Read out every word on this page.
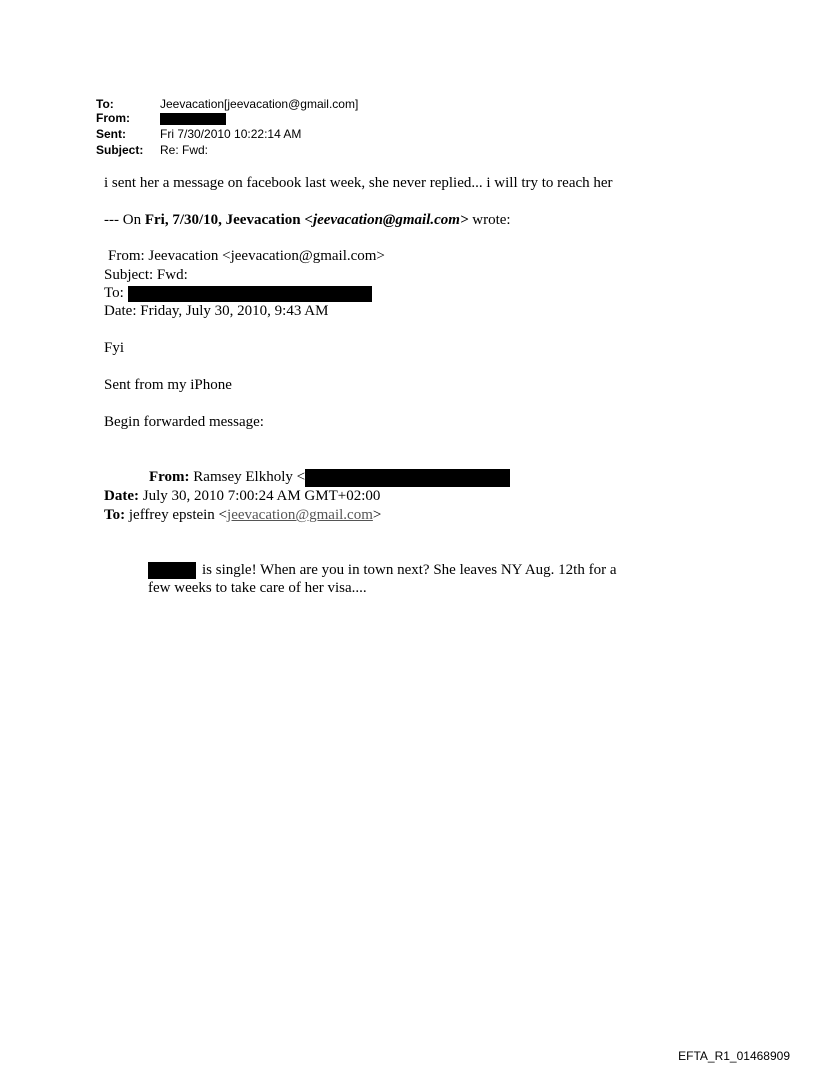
To:	Jeevacation[jeevacation@gmail.com]
From:
Sent:	Fri 7/30/2010 10:22:14 AM
Subject: Re: Fwd:
i sent her a message on facebook last week, she never replied... i will try to reach her
--- On Fri, 7/30/10, Jeevacation <jeevacation@gmail.com> wrote:
From: Jeevacation <jeevacation@gmail.com>
Subject: Fwd:
To:
Date: Friday, July 30, 2010, 9:43 AM
Fyi
Sent from my iPhone
Begin forwarded message:
From: Ramsey Elkholy <
Date: July 30, 2010 7:00:24 AM GMT+02:00
To: jeffrey epstein <jeevacation@gmail.com>
is single! When are you in town next? She leaves NY Aug. 12th for a
few weeks to take care of her visa....
EFTA_R1_01468909
